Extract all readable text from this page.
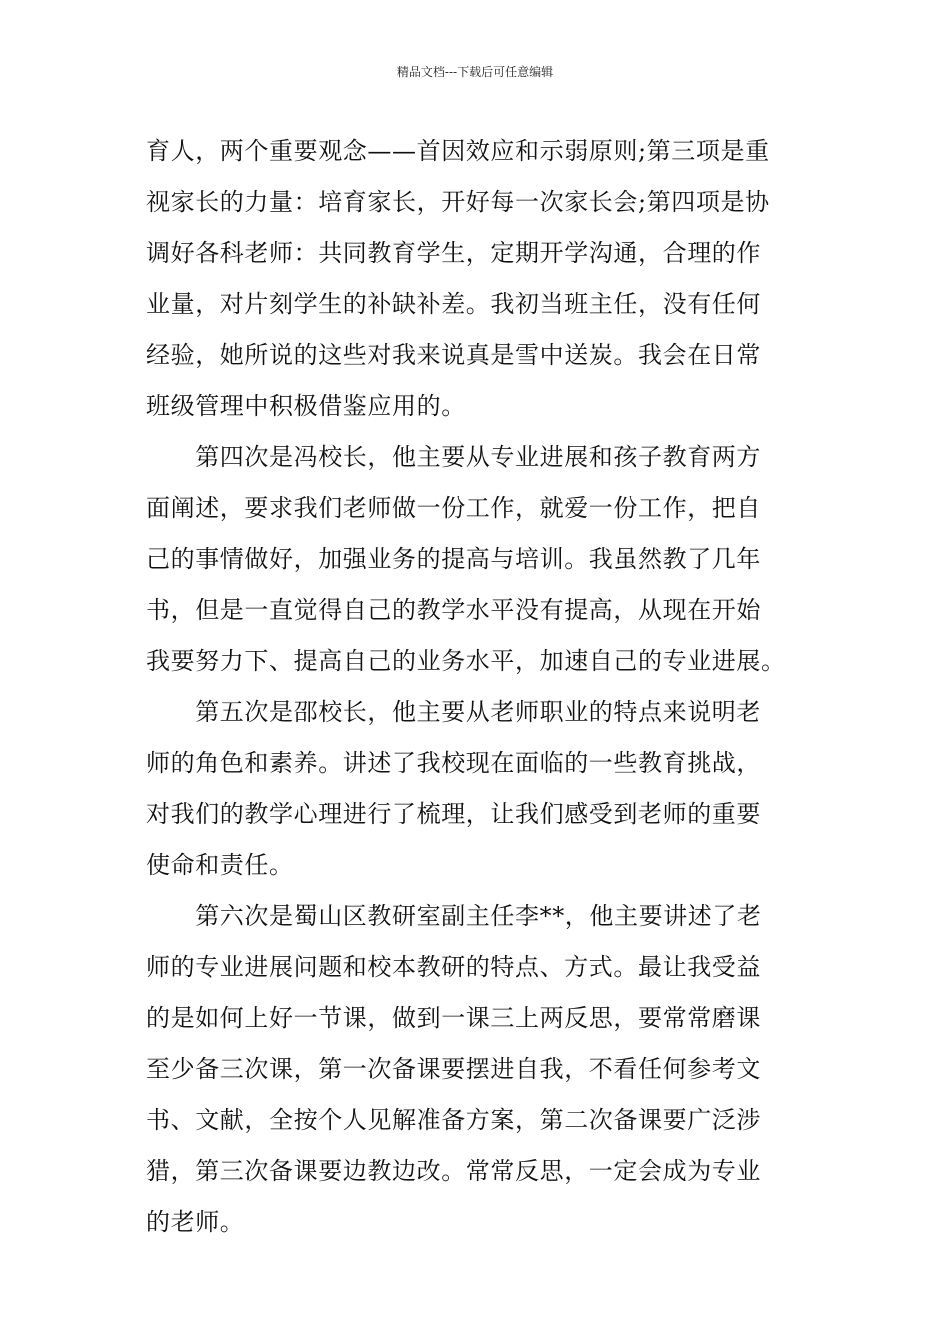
精品文档---下载后可任意编辑

育人，两个重要观念——首因效应和示弱原则;第三项是重
视家长的力量：培育家长，开好每一次家长会;第四项是协
调好各科老师：共同教育学生，定期开学沟通，合理的作
业量，对片刻学生的补缺补差。我初当班主任，没有任何
经验，她所说的这些对我来说真是雪中送炭。我会在日常
班级管理中积极借鉴应用的。

　　第四次是冯校长，他主要从专业进展和孩子教育两方
面阐述，要求我们老师做一份工作，就爱一份工作，把自
己的事情做好，加强业务的提高与培训。我虽然教了几年
书，但是一直觉得自己的教学水平没有提高，从现在开始
我要努力下、提高自己的业务水平，加速自己的专业进展。

　　第五次是邵校长，他主要从老师职业的特点来说明老
师的角色和素养。讲述了我校现在面临的一些教育挑战，
对我们的教学心理进行了梳理，让我们感受到老师的重要
使命和责任。

　　第六次是蜀山区教研室副主任李**，他主要讲述了老
师的专业进展问题和校本教研的特点、方式。最让我受益
的是如何上好一节课，做到一课三上两反思，要常常磨课
至少备三次课，第一次备课要摆进自我，不看任何参考文
书、文献，全按个人见解准备方案，第二次备课要广泛涉
猎，第三次备课要边教边改。常常反思，一定会成为专业
的老师。
